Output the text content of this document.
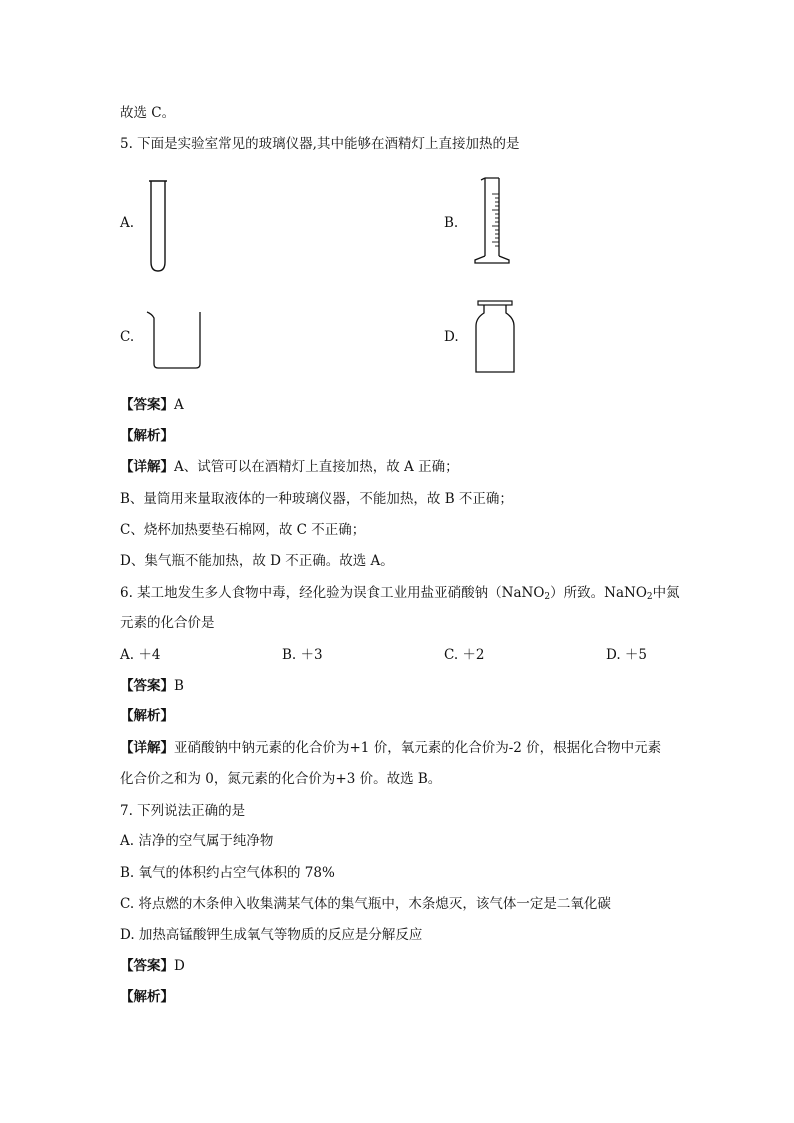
故选 C。
5. 下面是实验室常见的玻璃仪器,其中能够在酒精灯上直接加热的是
A.	B.
C.	D.
【答案】A
【解析】
【详解】A、试管可以在酒精灯上直接加热，故 A 正确；
B、量筒用来量取液体的一种玻璃仪器，不能加热，故 B 不正确；
C、烧杯加热要垫石棉网，故 C 不正确；
D、集气瓶不能加热，故 D 不正确。故选 A。
6. 某工地发生多人食物中毒，经化验为误食工业用盐亚硝酸钠（NaNO$_2$）所致。NaNO$_2$中氮
元素的化合价是
A. ＋4	B. ＋3	C. ＋2	D. ＋5
【答案】B
【解析】
【详解】亚硝酸钠中钠元素的化合价为+1 价，氧元素的化合价为-2 价，根据化合物中元素
化合价之和为 0，氮元素的化合价为+3 价。故选 B。
7. 下列说法正确的是
A. 洁净的空气属于纯净物
B. 氧气的体积约占空气体积的 78%
C. 将点燃的木条伸入收集满某气体的集气瓶中，木条熄灭，该气体一定是二氧化碳
D. 加热高锰酸钾生成氧气等物质的反应是分解反应
【答案】D
【解析】
